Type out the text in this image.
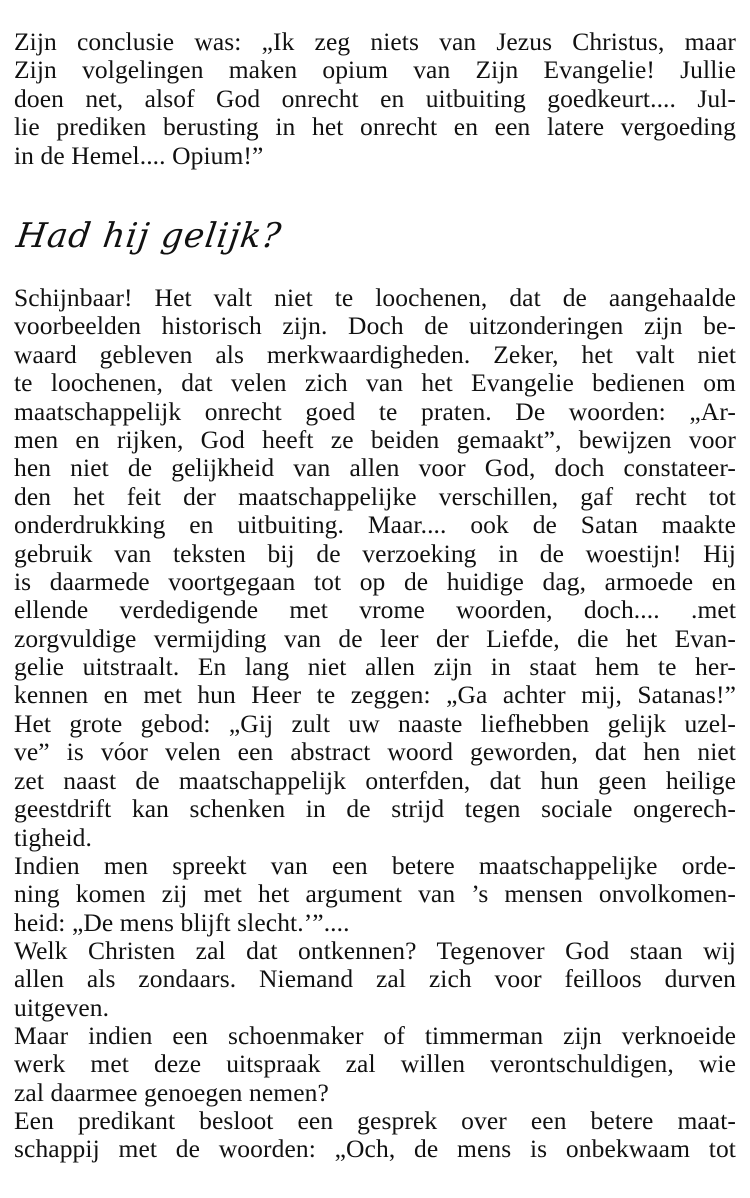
Zijn conclusie was: „Ik zeg niets van Jezus Christus, maar
Zijn volgelingen maken opium van Zijn Evangelie! Jullie
doen net, alsof God onrecht en uitbuiting goedkeurt.... Jul-
lie prediken berusting in het onrecht en een latere vergoeding
in de Hemel.... Opium!”
Had hij gelijk?
Schijnbaar! Het valt niet te loochenen, dat de aangehaalde
voorbeelden historisch zijn. Doch de uitzonderingen zijn be-
waard gebleven als merkwaardigheden. Zeker, het valt niet
te loochenen, dat velen zich van het Evangelie bedienen om
maatschappelijk onrecht goed te praten. De woorden: „Ar-
men en rijken, God heeft ze beiden gemaakt”, bewijzen voor
hen niet de gelijkheid van allen voor God, doch constateer-
den het feit der maatschappelijke verschillen, gaf recht tot
onderdrukking en uitbuiting. Maar.... ook de Satan maakte
gebruik van teksten bij de verzoeking in de woestijn! Hij
is daarmede voortgegaan tot op de huidige dag, armoede en
ellende verdedigende met vrome woorden, doch.... .met
zorgvuldige vermijding van de leer der Liefde, die het Evan-
gelie uitstraalt. En lang niet allen zijn in staat hem te her-
kennen en met hun Heer te zeggen: „Ga achter mij, Satanas!”
Het grote gebod: „Gij zult uw naaste liefhebben gelijk uzel-
ve” is vóor velen een abstract woord geworden, dat hen niet
zet naast de maatschappelijk onterfden, dat hun geen heilige
geestdrift kan schenken in de strijd tegen sociale ongerech-
tigheid.
Indien men spreekt van een betere maatschappelijke orde-
ning komen zij met het argument van ’s mensen onvolkomen-
heid: „De mens blijft slecht.’”....
Welk Christen zal dat ontkennen? Tegenover God staan wij
allen als zondaars. Niemand zal zich voor feilloos durven
uitgeven.
Maar indien een schoenmaker of timmerman zijn verknoeide
werk met deze uitspraak zal willen verontschuldigen, wie
zal daarmee genoegen nemen?
Een predikant besloot een gesprek over een betere maat-
schappij met de woorden: „Och, de mens is onbekwaam tot
